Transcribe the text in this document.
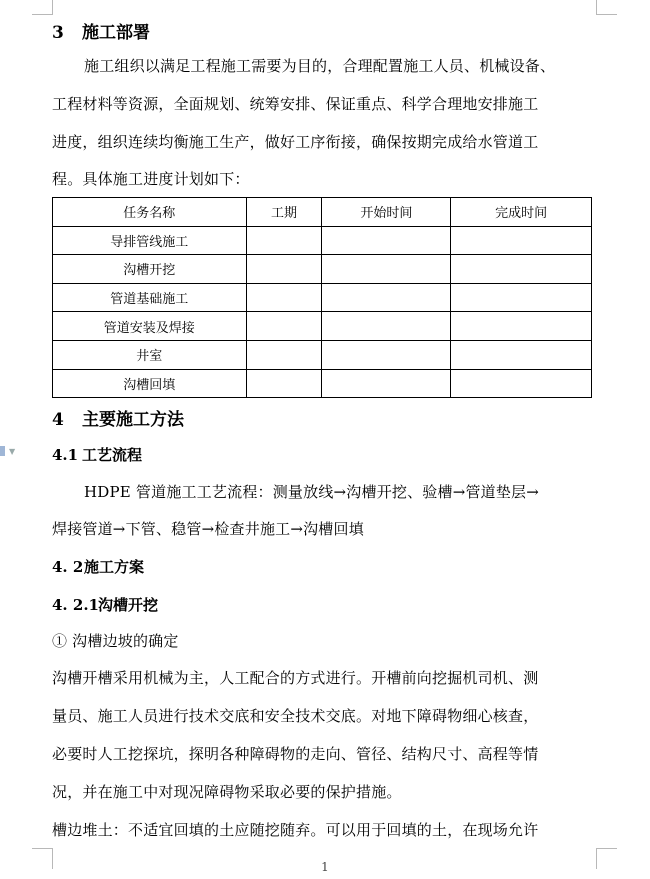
3 施工部署
施工组织以满足工程施工需要为目的，合理配置施工人员、机械设备、
工程材料等资源，全面规划、统筹安排、保证重点、科学合理地安排施工
进度，组织连续均衡施工生产，做好工序衔接，确保按期完成给水管道工
程。具体施工进度计划如下：
任务名称	工期	开始时间	完成时间
导排管线施工			
沟槽开挖			
管道基础施工			
管道安装及焊接			
井室			
沟槽回填			
4 主要施工方法
▼ 4.1 工艺流程
HDPE 管道施工工艺流程：测量放线→沟槽开挖、验槽→管道垫层→
焊接管道→下管、稳管→检查井施工→沟槽回填
4. 2施工方案
4. 2.1沟槽开挖
① 沟槽边坡的确定
沟槽开槽采用机械为主，人工配合的方式进行。开槽前向挖掘机司机、测
量员、施工人员进行技术交底和安全技术交底。对地下障碍物细心核查，
必要时人工挖探坑，探明各种障碍物的走向、管径、结构尺寸、高程等情
况，并在施工中对现况障碍物采取必要的保护措施。
槽边堆土：不适宜回填的土应随挖随弃。可以用于回填的土，在现场允许
1
